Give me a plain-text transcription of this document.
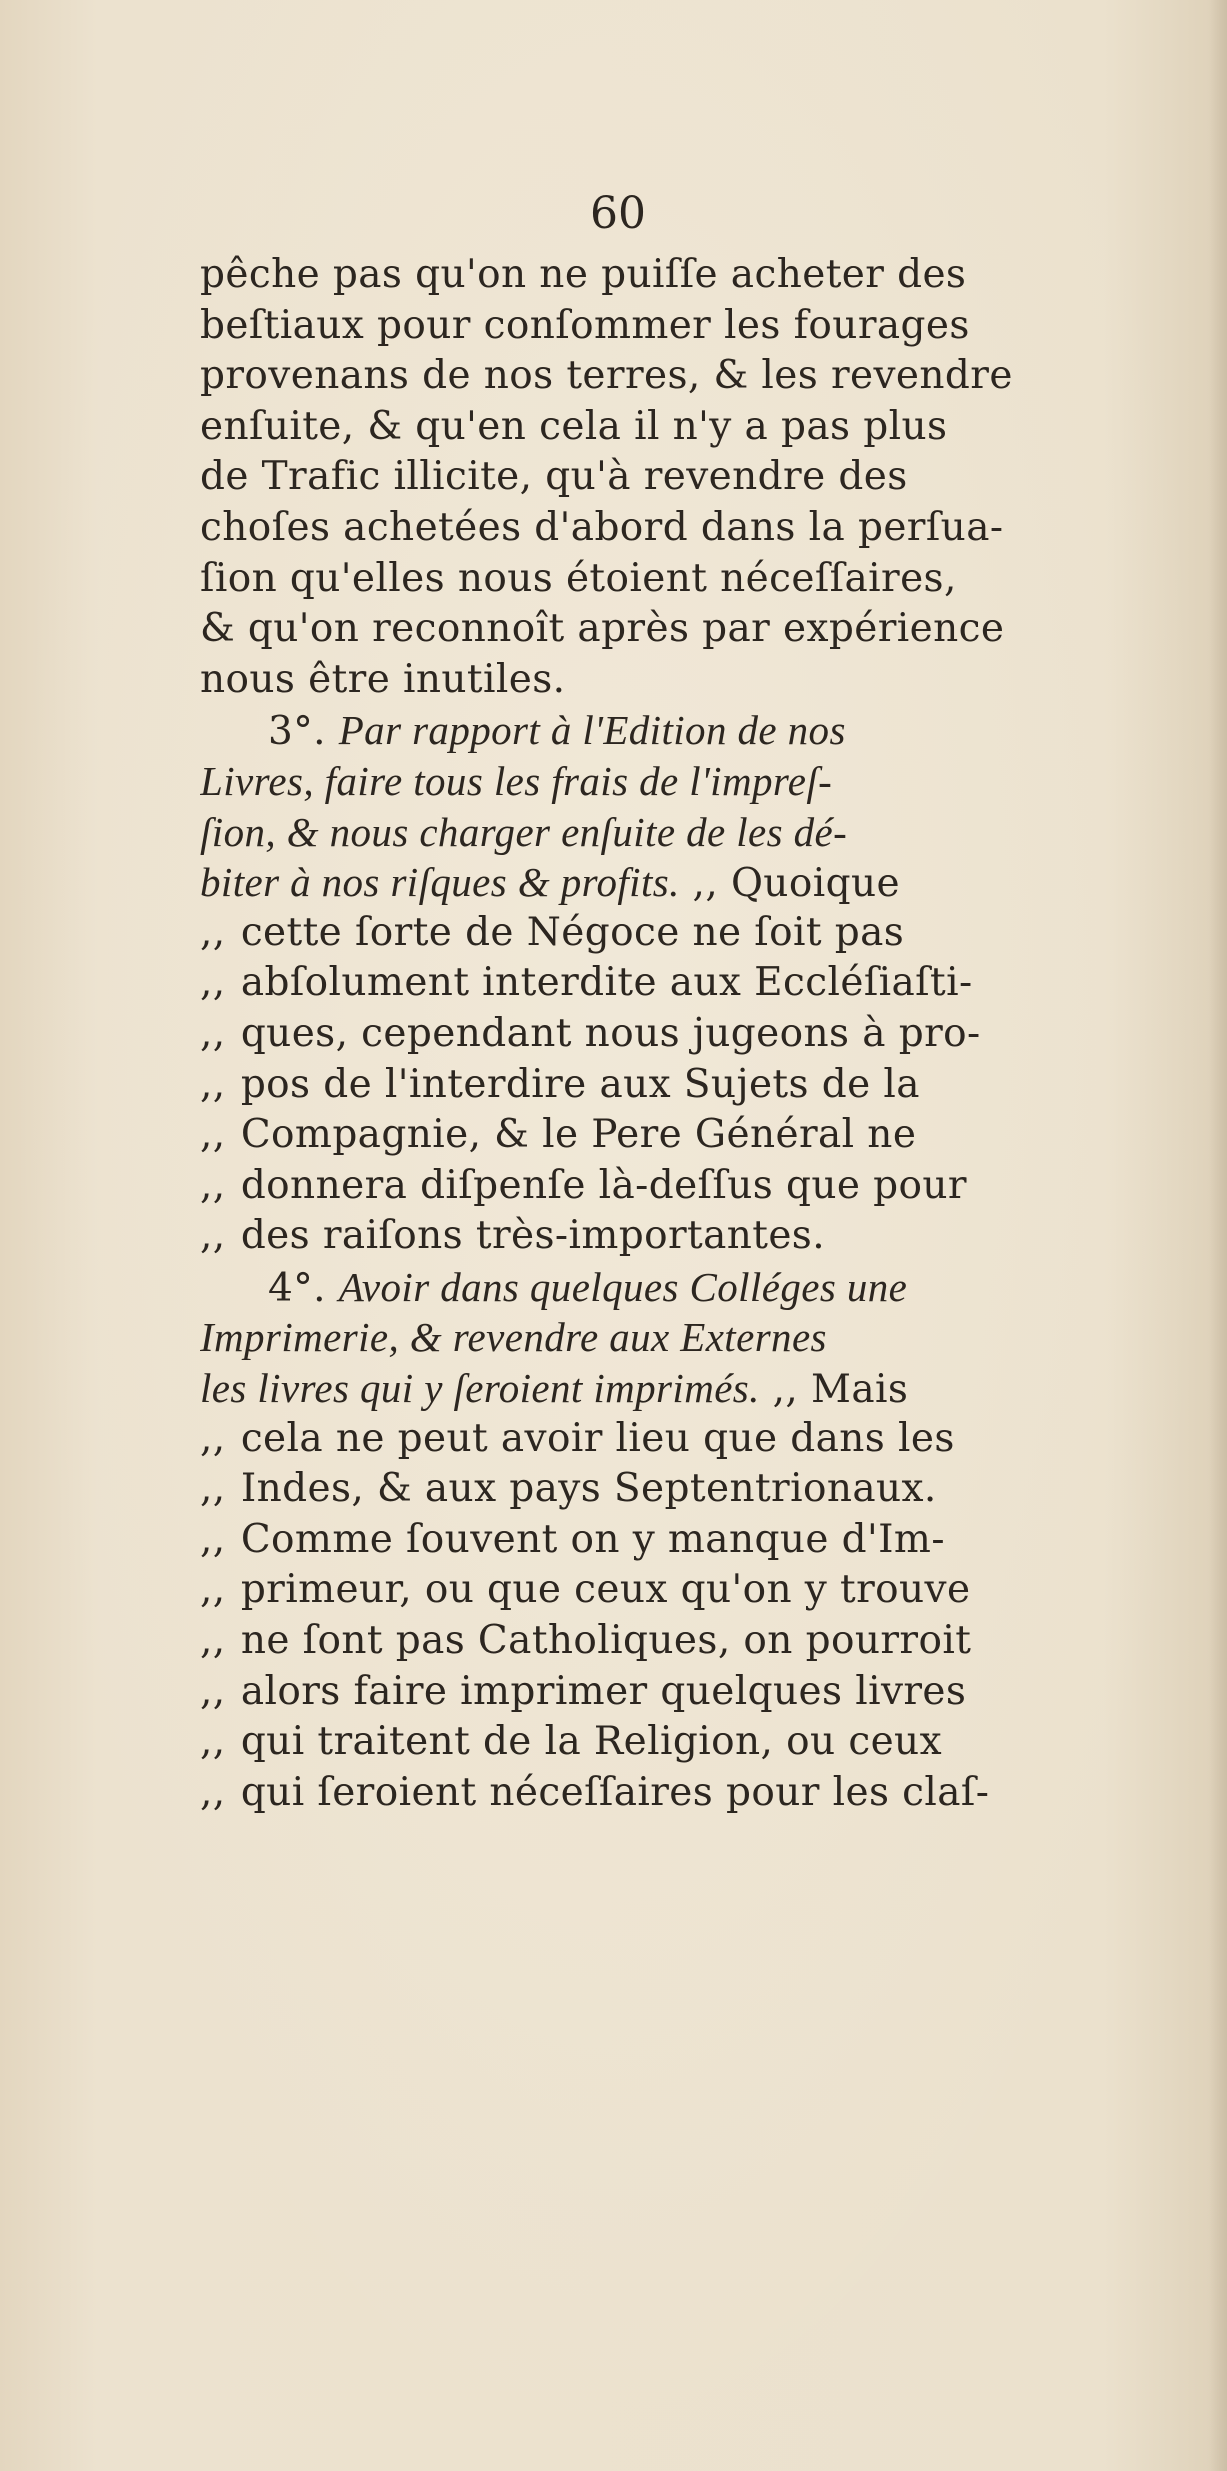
60
pêche pas qu'on ne puiſſe acheter des
beſtiaux pour conſommer les fourages
provenans de nos terres, & les revendre
enſuite, & qu'en cela il n'y a pas plus
de Trafic illicite, qu'à revendre des
choſes achetées d'abord dans la perſua-
ſion qu'elles nous étoient néceſſaires,
& qu'on reconnoît après par expérience
nous être inutiles.
3°. Par rapport à l'Edition de nos
Livres, faire tous les frais de l'impreſ-
ſion, & nous charger enſuite de les dé-
biter à nos riſques & profits. ,, Quoique
,, cette ſorte de Négoce ne ſoit pas
,, abſolument interdite aux Eccléſiaſti-
,, ques, cependant nous jugeons à pro-
,, pos de l'interdire aux Sujets de la
,, Compagnie, & le Pere Général ne
,, donnera diſpenſe là-deſſus que pour
,, des raiſons très-importantes.
4°. Avoir dans quelques Colléges une
Imprimerie, & revendre aux Externes
les livres qui y ſeroient imprimés. ,, Mais
,, cela ne peut avoir lieu que dans les
,, Indes, & aux pays Septentrionaux.
,, Comme ſouvent on y manque d'Im-
,, primeur, ou que ceux qu'on y trouve
,, ne ſont pas Catholiques, on pourroit
,, alors faire imprimer quelques livres
,, qui traitent de la Religion, ou ceux
,, qui ſeroient néceſſaires pour les claſ-
